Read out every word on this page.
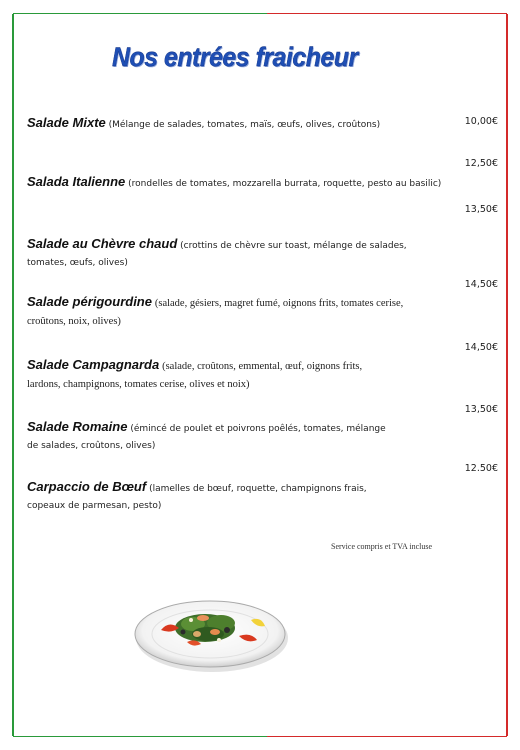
Nos entrées fraicheur
Salade Mixte (Mélange de salades, tomates, maïs, œufs, olives, croûtons)	10,00€
12,50€
Salada Italienne (rondelles de tomates, mozzarella burrata, roquette, pesto au basilic)
13,50€
Salade au Chèvre chaud (crottins de chèvre sur toast, mélange de salades, tomates, œufs, olives)
14,50€
Salade périgourdine (salade, gésiers, magret fumé, oignons frits, tomates cerise, croûtons, noix, olives)
14,50€
Salade Campagnarda (salade, croûtons, emmental, œuf, oignons frits, lardons, champignons, tomates cerise, olives et noix)
13,50€
Salade Romaine (émincé de poulet et poivrons poêlés, tomates, mélange de salades, croûtons, olives)
12.50€
Carpaccio de Bœuf (lamelles de bœuf, roquette, champignons frais, copeaux de parmesan, pesto)
Service compris et TVA incluse
